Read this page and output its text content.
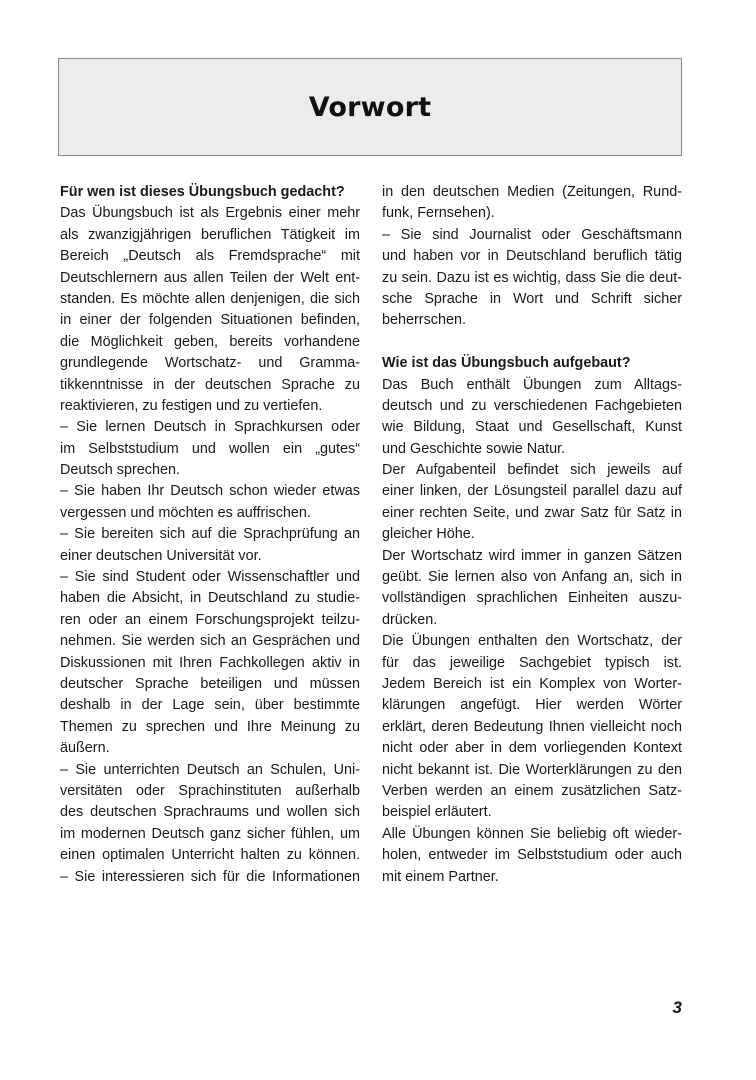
Vorwort
Für wen ist dieses Übungsbuch gedacht?
Das Übungsbuch ist als Ergebnis einer mehr
als zwanzigjährigen beruflichen Tätigkeit im
Bereich „Deutsch als Fremdsprache“ mit
Deutschlernern aus allen Teilen der Welt ent-
standen. Es möchte allen denjenigen, die sich
in einer der folgenden Situationen befinden,
die Möglichkeit geben, bereits vorhandene
grundlegende Wortschatz- und Gramma-
tikkenntnisse in der deutschen Sprache zu
reaktivieren, zu festigen und zu vertiefen.
– Sie lernen Deutsch in Sprachkursen oder
im Selbststudium und wollen ein „gutes“
Deutsch sprechen.
– Sie haben Ihr Deutsch schon wieder etwas
vergessen und möchten es auffrischen.
– Sie bereiten sich auf die Sprachprüfung an
einer deutschen Universität vor.
– Sie sind Student oder Wissenschaftler und
haben die Absicht, in Deutschland zu studie-
ren oder an einem Forschungsprojekt teilzu-
nehmen. Sie werden sich an Gesprächen und
Diskussionen mit Ihren Fachkollegen aktiv in
deutscher Sprache beteiligen und müssen
deshalb in der Lage sein, über bestimmte
Themen zu sprechen und Ihre Meinung zu
äußern.
– Sie unterrichten Deutsch an Schulen, Uni-
versitäten oder Sprachinstituten außerhalb
des deutschen Sprachraums und wollen sich
im modernen Deutsch ganz sicher fühlen, um
einen optimalen Unterricht halten zu können.
– Sie interessieren sich für die Informationen
in den deutschen Medien (Zeitungen, Rund-
funk, Fernsehen).
– Sie sind Journalist oder Geschäftsmann
und haben vor in Deutschland beruflich tätig
zu sein. Dazu ist es wichtig, dass Sie die deut-
sche Sprache in Wort und Schrift sicher
beherrschen.
Wie ist das Übungsbuch aufgebaut?
Das Buch enthält Übungen zum Alltags-
deutsch und zu verschiedenen Fachgebieten
wie Bildung, Staat und Gesellschaft, Kunst
und Geschichte sowie Natur.
Der Aufgabenteil befindet sich jeweils auf
einer linken, der Lösungsteil parallel dazu auf
einer rechten Seite, und zwar Satz für Satz in
gleicher Höhe.
Der Wortschatz wird immer in ganzen Sätzen
geübt. Sie lernen also von Anfang an, sich in
vollständigen sprachlichen Einheiten auszu-
drücken.
Die Übungen enthalten den Wortschatz, der
für das jeweilige Sachgebiet typisch ist.
Jedem Bereich ist ein Komplex von Worter-
klärungen angefügt. Hier werden Wörter
erklärt, deren Bedeutung Ihnen vielleicht noch
nicht oder aber in dem vorliegenden Kontext
nicht bekannt ist. Die Worterklärungen zu den
Verben werden an einem zusätzlichen Satz-
beispiel erläutert.
Alle Übungen können Sie beliebig oft wieder-
holen, entweder im Selbststudium oder auch
mit einem Partner.
3
